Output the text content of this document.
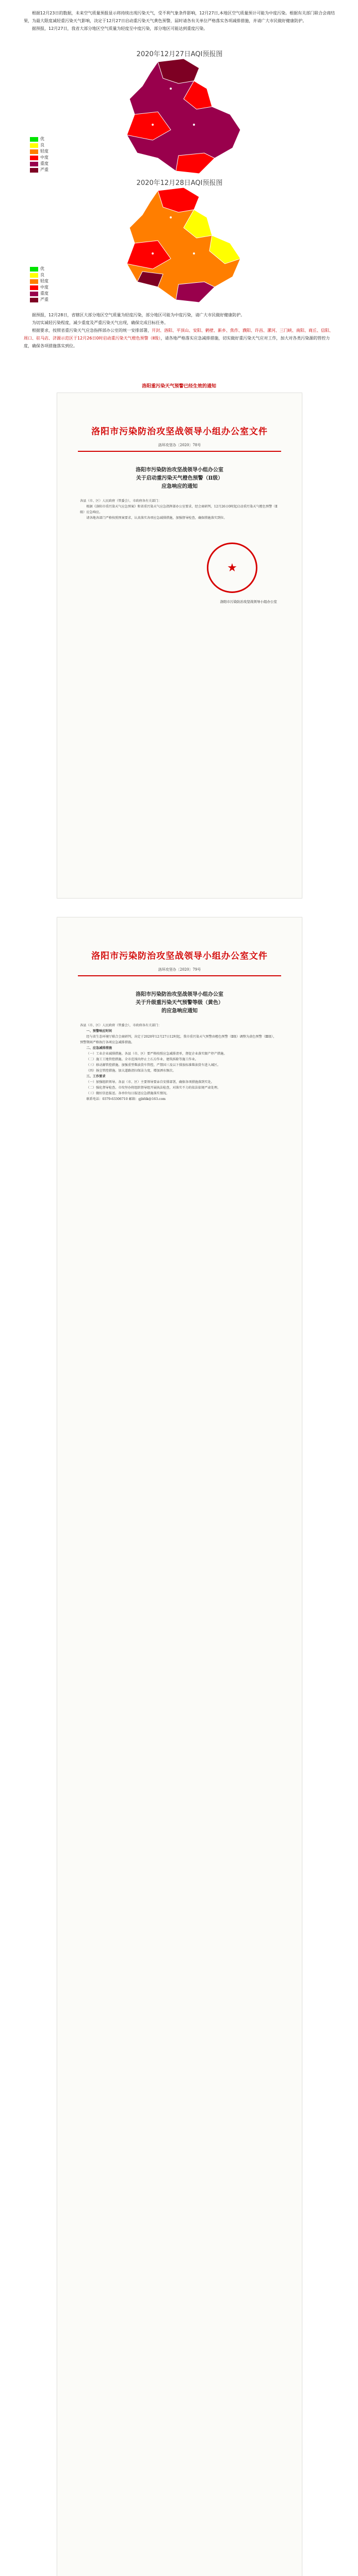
根据12月23日的数据，未来空气质量预报显示将持续出现污染天气，受不利气象条件影响，12月27日,本地区空气质量预计可能为中度污染。根据有关部门联合会商结果，为最大限度减轻重污染天气影响，决定于12月27日启动重污染天气黄色预警，届时请各有关单位严格落实各项减排措施，并请广大市民做好健康防护。

据预报，12月27日，我省大部分地区空气质量为轻度至中度污染，部分地区可能达到重度污染。

2020年12月27日AQI预报图
优
良
轻度
中度
重度
严重
2020年12月28日AQI预报图
优
良
轻度
中度
重度
严重

据预报，12月28日，省辖区大部分地区空气质量为轻度污染，部分地区可能为中度污染，请广大市民做好健康防护。

为切实减轻污染程度，减少重度及严重污染天气出现，确保完成目标任务。

根据要求，按照省重污染天气应急指挥部办公室的统一安排部署，开封、洛阳、平顶山、安阳、鹤壁、新乡、焦作、濮阳、许昌、漯河、三门峡、南阳、商丘、信阳、周口、驻马店、济源示范区于12月26日0时启动重污染天气橙色预警（Ⅱ级），请各地严格落实应急减排措施，切实做好重污染天气应对工作，加大对各类污染源的管控力度，确保各项措施落实到位。

洛阳重污染天气预警已经生效的通知
洛阳市污染防治攻坚战领导小组办公室文件
洛环攻坚办〔2020〕78号
洛阳市污染防治攻坚战领导小组办公室
关于启动重污染天气橙色预警（Ⅱ级）
应急响应的通知

各县（市、区）人民政府（管委会），市政府各有关部门：

根据《洛阳市重污染天气应急预案》和省重污染天气应急指挥部办公室要求，经会商研判，12月26日0时起启动重污染天气橙色预警（Ⅱ级）应急响应。

请各地各部门严格按照预案要求，认真落实各项应急减排措施，加强督导检查，确保措施落实到位。

★
洛阳市污染防治攻坚战领导小组办公室
洛阳市污染防治攻坚战领导小组办公室文件
洛环攻坚办〔2020〕79号
洛阳市污染防治攻坚战领导小组办公室
关于升级重污染天气预警等级（黄色）
的应急响应通知

各县（市、区）人民政府（管委会），市政府各有关部门：

一、预警响应时间

经与省生态环境厅联合会商研判，决定于2020年12月27日12时起，我市重污染天气预警由橙色预警（Ⅱ级）调整为黄色预警（Ⅲ级），预警期间严格执行各项应急减排措施。

二、应急减排措施

（一）工业企业减排措施。各县（市、区）要严格按照应急减排清单，督促企业落实限产停产措施。

（二）施工工地管控措施。全市范围内停止土石方作业、建筑拆除等施工作业。

（三）移动源管控措施。加强重型柴油货车管控，严禁国三及以下排放标准柴油货车进入城区。

（四）扬尘管控措施。加大道路清扫保洁力度，增加洒水频次。

三、工作要求

（一）加强组织领导。各县（市、区）主要领导要亲自安排部署，确保各项措施落到实处。

（二）强化督导检查。市攻坚办将组织督导组开展执法检查，对落实不力的依法依规严肃处理。

（三）做好信息报送。各单位每日报送应急措施落实情况。

联系电话：0379-63306710 邮箱：gjbfdk@163.com
